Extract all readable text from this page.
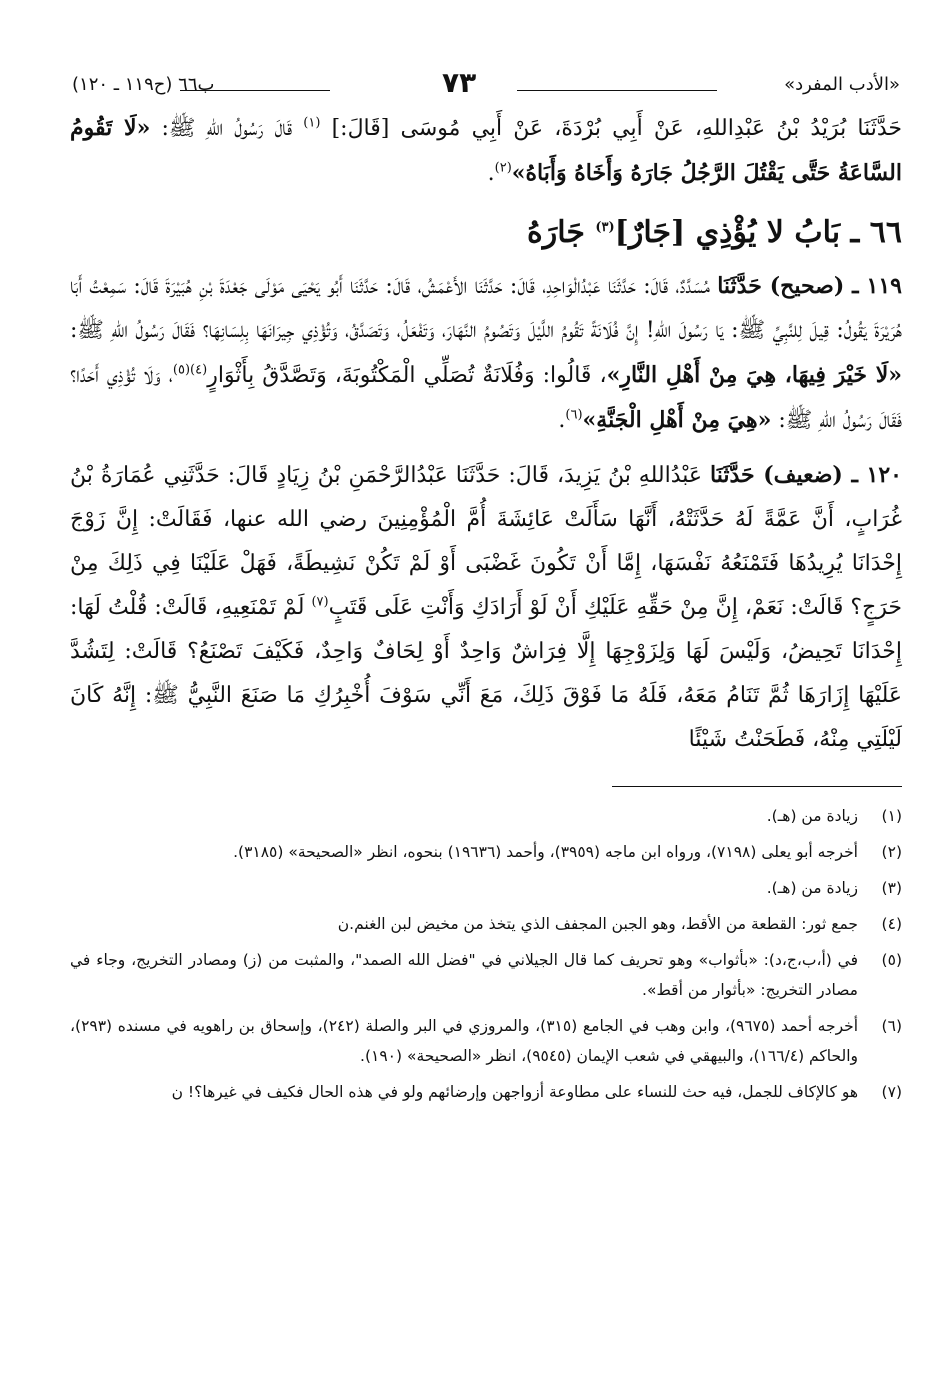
«الأدب المفرد»
٧٣
ب٦٦ (ح١١٩ ـ ١٢٠)

حَدَّثَنَا بُرَيْدُ بْنُ عَبْدِاللهِ، عَنْ أَبِي بُرْدَةَ، عَنْ أَبِي مُوسَى [قَالَ:] $^{(١)}$ قَالَ رَسُولُ اللهِ ﷺ: «لَا تَقُومُ السَّاعَةُ حَتَّى يَقْتُلَ الرَّجُلُ جَارَهُ وَأَخَاهُ وَأَبَاهُ»$^{(٢)}$.

٦٦ ـ بَابُ لا يُؤْذِي [جَارٌ]$^{(٣)}$ جَارَهُ

١١٩ ـ (صحيح) حَدَّثَنَا مُسَدَّدٌ، قَالَ: حَدَّثَنَا عَبْدُالْوَاحِدِ، قَالَ: حَدَّثَنَا الأَعْمَشُ، قَالَ: حَدَّثَنَا أَبُو يَحْيَى مَوْلَى جَعْدَةَ بْنِ هُبَيْرَةَ قَالَ: سَمِعْتُ أَبَا هُرَيْرَةَ يَقُولُ: قِيلَ لِلنَّبِيِّ ﷺ: يَا رَسُولَ اللهِ! إِنَّ فُلَانَةً تَقُومُ اللَّيْلَ وَتَصُومُ النَّهَارَ، وَتَفْعَلُ، وَتَصَدَّقُ، وَتُؤْذِي جِيرَانَهَا بِلِسَانِهَا؟ فَقَالَ رَسُولُ اللهِ ﷺ: «لَا خَيْرَ فِيهَا، هِيَ مِنْ أَهْلِ النَّارِ»، قَالُوا: وَفُلَانَةٌ تُصَلِّي الْمَكْتُوبَةَ، وَتَصَّدَّقُ بِأَثْوَارٍ$^{(٤)(٥)}$، وَلَا تُؤْذِي أَحَدًا؟ فَقَالَ رَسُولُ اللهِ ﷺ: «هِيَ مِنْ أَهْلِ الْجَنَّةِ»$^{(٦)}$.

١٢٠ ـ (ضعيف) حَدَّثَنَا عَبْدُاللهِ بْنُ يَزِيدَ، قَالَ: حَدَّثَنَا عَبْدُالرَّحْمَنِ بْنُ زِيَادٍ قَالَ: حَدَّثَنِي عُمَارَةُ بْنُ غُرَابٍ، أَنَّ عَمَّةً لَهُ حَدَّثَتْهُ، أَنَّهَا سَأَلَتْ عَائِشَةَ أُمَّ الْمُؤْمِنِينَ رضي الله عنها، فَقَالَتْ: إِنَّ زَوْجَ إِحْدَانَا يُرِيدُهَا فَتَمْنَعُهُ نَفْسَهَا، إِمَّا أَنْ تَكُونَ غَضْبَى أَوْ لَمْ تَكُنْ نَشِيطَةً، فَهَلْ عَلَيْنَا فِي ذَلِكَ مِنْ حَرَجٍ؟ قَالَتْ: نَعَمْ، إِنَّ مِنْ حَقِّهِ عَلَيْكِ أَنْ لَوْ أَرَادَكِ وَأَنْتِ عَلَى قَتَبٍ$^{(٧)}$ لَمْ تَمْنَعِيهِ، قَالَتْ: قُلْتُ لَهَا: إِحْدَانَا تَحِيضُ، وَلَيْسَ لَهَا وَلِزَوْجِهَا إِلَّا فِرَاشٌ وَاحِدٌ أَوْ لِحَافٌ وَاحِدٌ، فَكَيْفَ تَصْنَعُ؟ قَالَتْ: لِتَشُدَّ عَلَيْهَا إِزَارَهَا ثُمَّ تَنَامُ مَعَهُ، فَلَهُ مَا فَوْقَ ذَلِكَ، مَعَ أَنِّي سَوْفَ أُخْبِرُكِ مَا صَنَعَ النَّبِيُّ ﷺ: إِنَّهُ كَانَ لَيْلَتِي مِنْهُ، فَطَحَنْتُ شَيْئًا

(١)
زيادة من (هـ).
(٢)
أخرجه أبو يعلى (٧١٩٨)، ورواه ابن ماجه (٣٩٥٩)، وأحمد (١٩٦٣٦) بنحوه، انظر «الصحيحة» (٣١٨٥).
(٣)
زيادة من (هـ).
(٤)
جمع ثور: القطعة من الأقط، وهو الجبن المجفف الذي يتخذ من مخيض لبن الغنم.ن
(٥)
في (أ،ب،ج،د): «بأثواب» وهو تحريف كما قال الجيلاني في "فضل الله الصمد"، والمثبت من (ز) ومصادر التخريج، وجاء في مصادر التخريج: «بأثوار من أقط».
(٦)
أخرجه أحمد (٩٦٧٥)، وابن وهب في الجامع (٣١٥)، والمروزي في البر والصلة (٢٤٢)، وإسحاق بن راهويه في مسنده (٢٩٣)، والحاكم (١٦٦/٤)، والبيهقي في شعب الإيمان (٩٥٤٥)، انظر «الصحيحة» (١٩٠).
(٧)
هو كالإكاف للجمل، فيه حث للنساء على مطاوعة أزواجهن وإرضائهم ولو في هذه الحال فكيف في غيرها؟! ن
